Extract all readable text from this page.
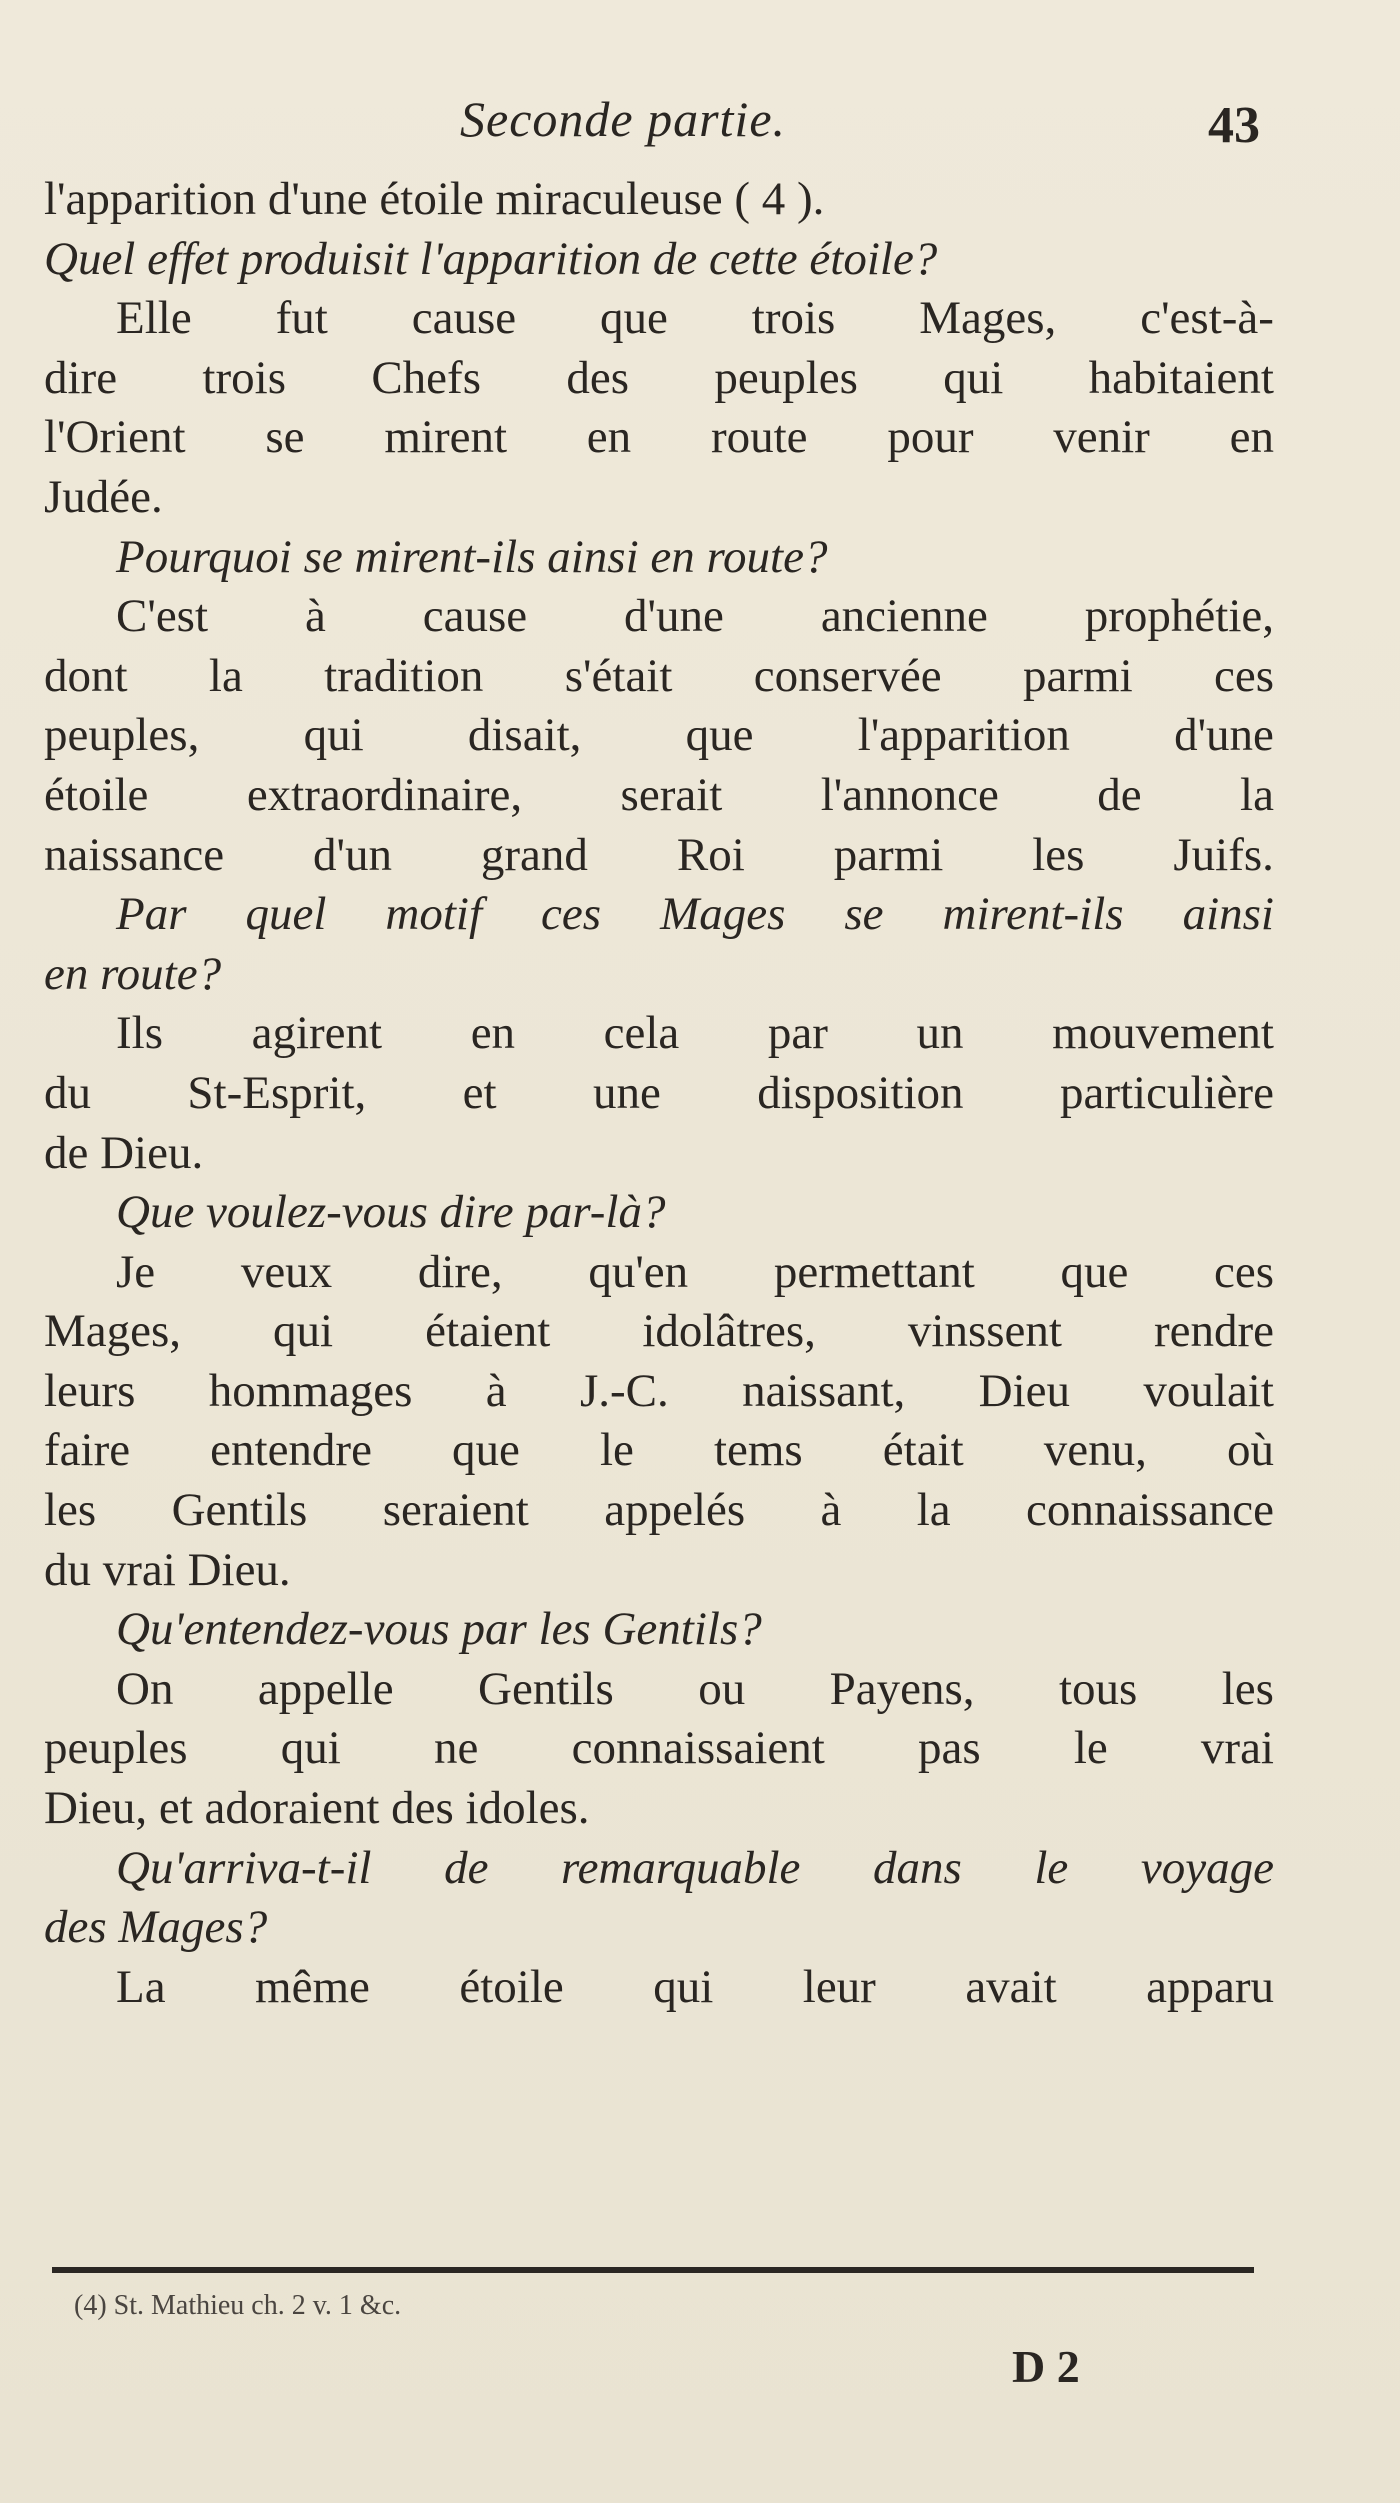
Seconde partie.	43
l'apparition d'une étoile miraculeuse ( 4 ).
Quel effet produisit l'apparition de cette étoile?
Elle fut cause que trois Mages, c'est-à-
dire trois Chefs des peuples qui habitaient
l'Orient se mirent en route pour venir en
Judée.
Pourquoi se mirent-ils ainsi en route?
C'est à cause d'une ancienne prophétie,
dont la tradition s'était conservée parmi ces
peuples, qui disait, que l'apparition d'une
étoile extraordinaire, serait l'annonce de la
naissance d'un grand Roi parmi les Juifs.
Par quel motif ces Mages se mirent-ils ainsi
en route?
Ils agirent en cela par un mouvement
du St-Esprit, et une disposition particulière
de Dieu.
Que voulez-vous dire par-là?
Je veux dire, qu'en permettant que ces
Mages, qui étaient idolâtres, vinssent rendre
leurs hommages à J.-C. naissant, Dieu voulait
faire entendre que le tems était venu, où
les Gentils seraient appelés à la connaissance
du vrai Dieu.
Qu'entendez-vous par les Gentils?
On appelle Gentils ou Payens, tous les
peuples qui ne connaissaient pas le vrai
Dieu, et adoraient des idoles.
Qu'arriva-t-il de remarquable dans le voyage
des Mages?
La même étoile qui leur avait apparu
(4) St. Mathieu ch. 2 v. 1 &c.
D 2
